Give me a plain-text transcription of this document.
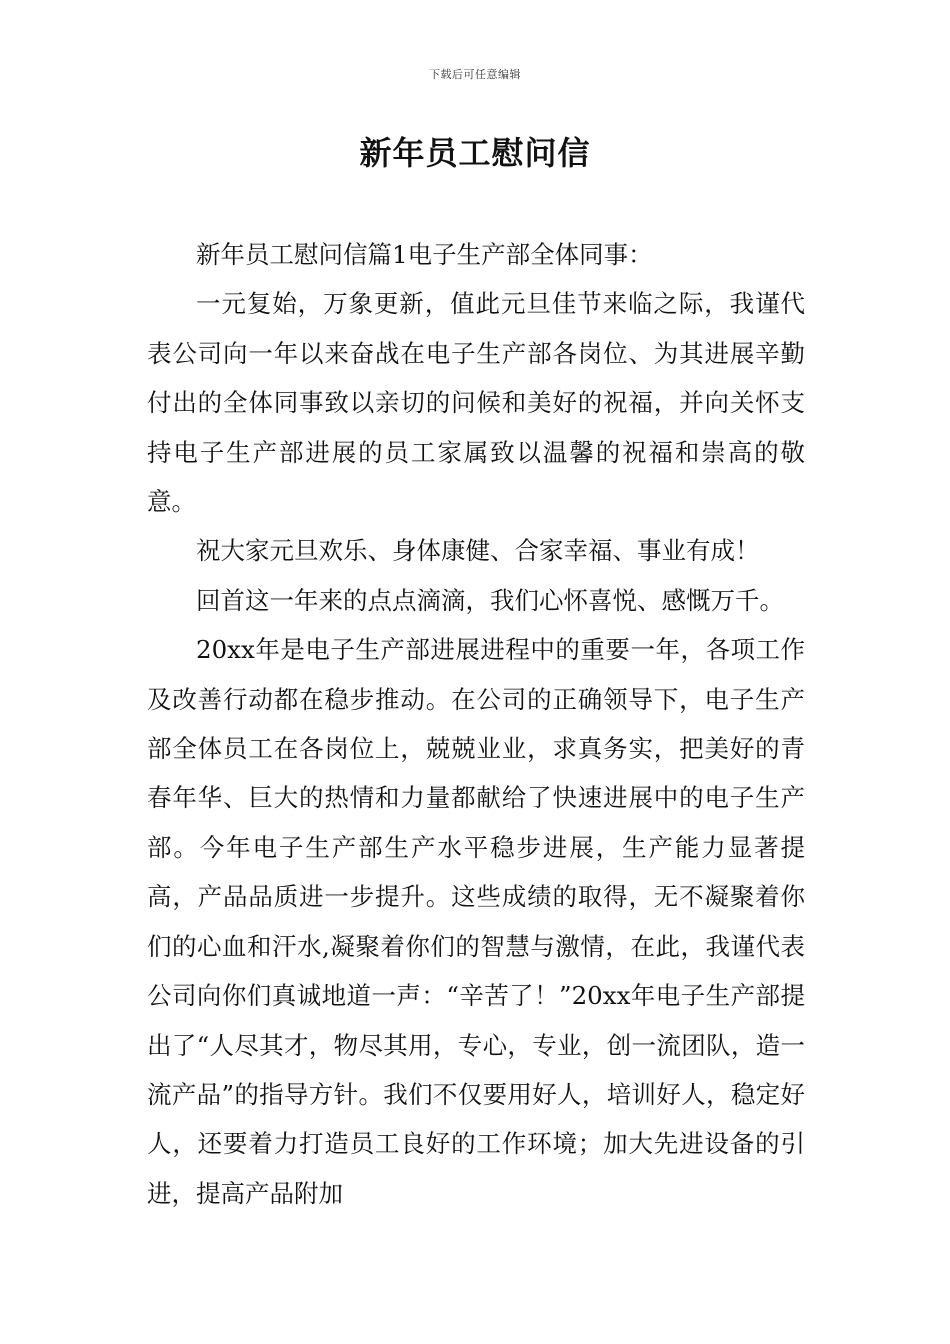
下载后可任意编辑
新年员工慰问信

新年员工慰问信篇1电子生产部全体同事：

一元复始，万象更新，值此元旦佳节来临之际，我谨代表公司向一年以来奋战在电子生产部各岗位、为其进展辛勤付出的全体同事致以亲切的问候和美好的祝福，并向关怀支持电子生产部进展的员工家属致以温馨的祝福和崇高的敬意。

祝大家元旦欢乐、身体康健、合家幸福、事业有成！

回首这一年来的点点滴滴，我们心怀喜悦、感慨万千。

20xx年是电子生产部进展进程中的重要一年，各项工作及改善行动都在稳步推动。在公司的正确领导下，电子生产部全体员工在各岗位上，兢兢业业，求真务实，把美好的青春年华、巨大的热情和力量都献给了快速进展中的电子生产部。今年电子生产部生产水平稳步进展，生产能力显著提高，产品品质进一步提升。这些成绩的取得，无不凝聚着你们的心血和汗水,凝聚着你们的智慧与激情，在此，我谨代表公司向你们真诚地道一声：“辛苦了！”20xx年电子生产部提出了“人尽其才，物尽其用，专心，专业，创一流团队，造一流产品”的指导方针。我们不仅要用好人，培训好人，稳定好人，还要着力打造员工良好的工作环境；加大先进设备的引进，提高产品附加
